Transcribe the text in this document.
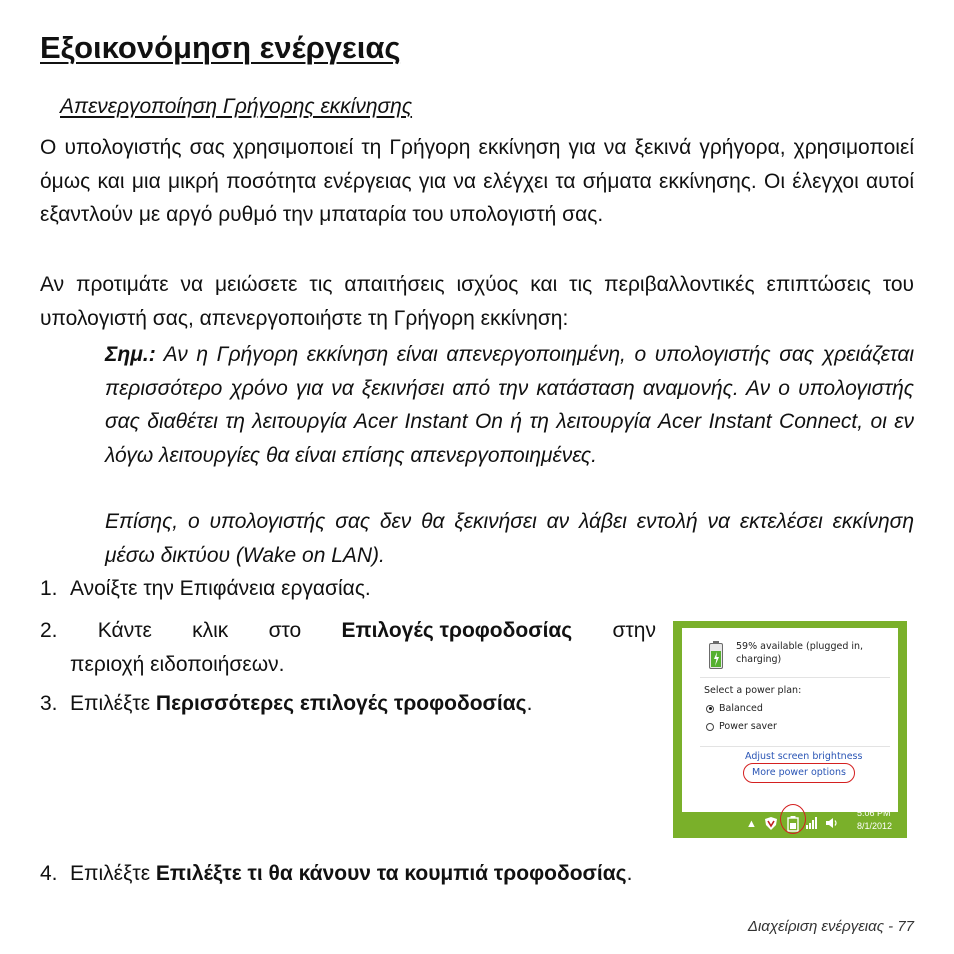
Εξοικονόμηση ενέργειας
Απενεργοποίηση Γρήγορης εκκίνησης
Ο υπολογιστής σας χρησιμοποιεί τη Γρήγορη εκκίνηση για να ξεκινά γρήγορα, χρησιμοποιεί όμως και μια μικρή ποσότητα ενέργειας για να ελέγχει τα σήματα εκκίνησης. Οι έλεγχοι αυτοί εξαντλούν με αργό ρυθμό την μπαταρία του υπολογιστή σας.
Αν προτιμάτε να μειώσετε τις απαιτήσεις ισχύος και τις περιβαλλοντικές επιπτώσεις του υπολογιστή σας, απενεργοποιήστε τη Γρήγορη εκκίνηση:
Σημ.: Αν η Γρήγορη εκκίνηση είναι απενεργοποιημένη, ο υπολογιστής σας χρειάζεται περισσότερο χρόνο για να ξεκινήσει από την κατάσταση αναμονής. Αν ο υπολογιστής σας διαθέτει τη λειτουργία Acer Instant On ή τη λειτουργία Acer Instant Connect, οι εν λόγω λειτουργίες θα είναι επίσης απενεργοποιημένες.
Επίσης, ο υπολογιστής σας δεν θα ξεκινήσει αν λάβει εντολή να εκτελέσει εκκίνηση μέσω δικτύου (Wake on LAN).
1. Ανοίξτε την Επιφάνεια εργασίας.
2. Κάντε κλικ στο Επιλογές τροφοδοσίας στην
περιοχή ειδοποιήσεων.
3. Επιλέξτε Περισσότερες επιλογές τροφοδοσίας.
59% available (plugged in,
charging)
Select a power plan:
Balanced
Power saver
Adjust screen brightness
More power options
▲
5:06 PM
8/1/2012
4. Επιλέξτε Επιλέξτε τι θα κάνουν τα κουμπιά τροφοδοσίας.
Διαχείριση ενέργειας - 77
